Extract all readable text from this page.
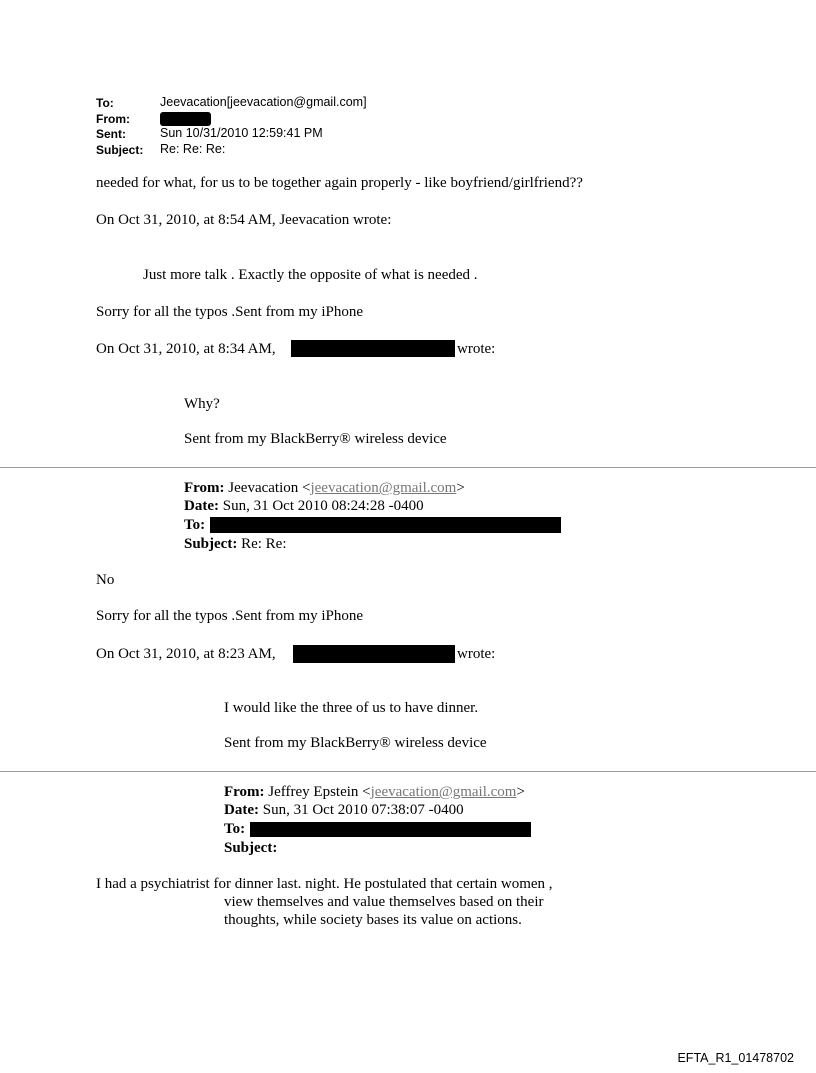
To:	Jeevacation[jeevacation@gmail.com]
From:
Sent:	Sun 10/31/2010 12:59:41 PM
Subject: Re: Re: Re:
needed for what, for us to be together again properly - like boyfriend/girlfriend??
On Oct 31, 2010, at 8:54 AM, Jeevacation wrote:
Just more talk . Exactly the opposite of what is needed .
Sorry for all the typos .Sent from my iPhone
On Oct 31, 2010, at 8:34 AM,	wrote:
Why?
Sent from my BlackBerry® wireless device
From: Jeevacation <jeevacation@gmail.com>
Date: Sun, 31 Oct 2010 08:24:28 -0400
To:
Subject: Re: Re:
No
Sorry for all the typos .Sent from my iPhone
On Oct 31, 2010, at 8:23 AM,	wrote:
I would like the three of us to have dinner.
Sent from my BlackBerry® wireless device
From: Jeffrey Epstein <jeevacation@gmail.com>
Date: Sun, 31 Oct 2010 07:38:07 -0400
To:
Subject:
I had a psychiatrist for dinner last. night. He postulated that certain women ,
view themselves and value themselves based on their
thoughts, while society bases its value on actions.
EFTA_R1_01478702
